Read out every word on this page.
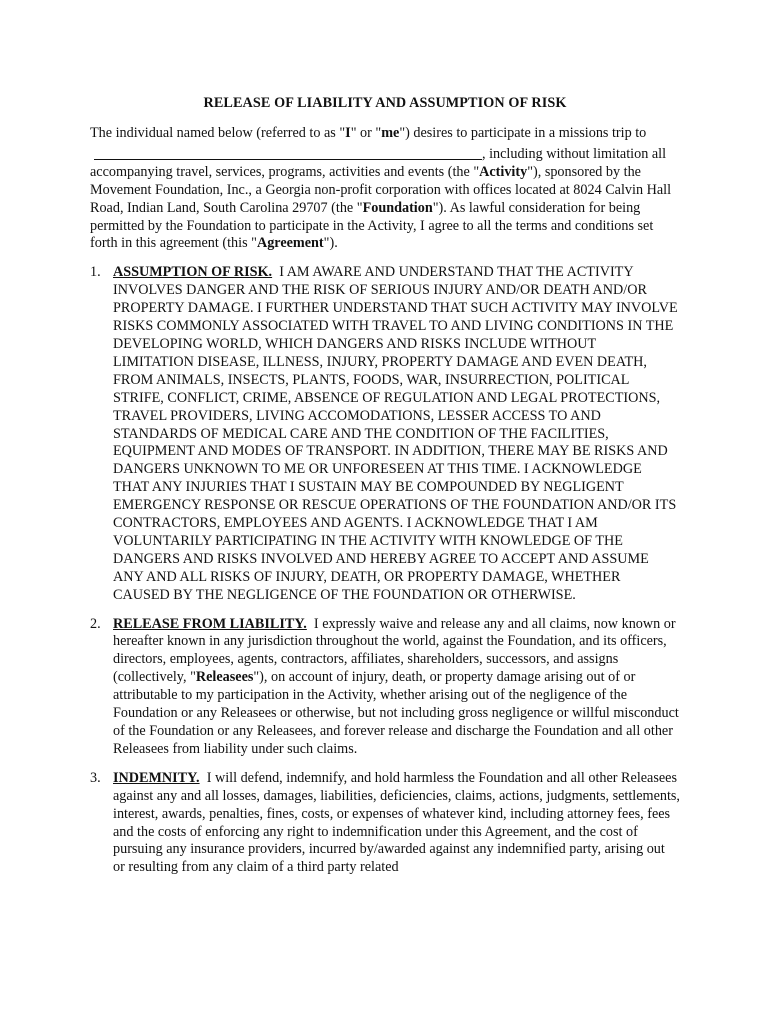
RELEASE OF LIABILITY AND ASSUMPTION OF RISK

The individual named below (referred to as "I" or "me") desires to participate in a missions trip to, including without limitation all accompanying travel, services, programs, activities and events (the "Activity"), sponsored by the Movement Foundation, Inc., a Georgia non-profit corporation with offices located at 8024 Calvin Hall Road, Indian Land, South Carolina 29707 (the "Foundation"). As lawful consideration for being permitted by the Foundation to participate in the Activity, I agree to all the terms and conditions set forth in this agreement (this "Agreement").

1. ASSUMPTION OF RISK. I AM AWARE AND UNDERSTAND THAT THE ACTIVITY INVOLVES DANGER AND THE RISK OF SERIOUS INJURY AND/OR DEATH AND/OR PROPERTY DAMAGE. I FURTHER UNDERSTAND THAT SUCH ACTIVITY MAY INVOLVE RISKS COMMONLY ASSOCIATED WITH TRAVEL TO AND LIVING CONDITIONS IN THE DEVELOPING WORLD, WHICH DANGERS AND RISKS INCLUDE WITHOUT LIMITATION DISEASE, ILLNESS, INJURY, PROPERTY DAMAGE AND EVEN DEATH, FROM ANIMALS, INSECTS, PLANTS, FOODS, WAR, INSURRECTION, POLITICAL STRIFE, CONFLICT, CRIME, ABSENCE OF REGULATION AND LEGAL PROTECTIONS, TRAVEL PROVIDERS, LIVING ACCOMODATIONS, LESSER ACCESS TO AND STANDARDS OF MEDICAL CARE AND THE CONDITION OF THE FACILITIES, EQUIPMENT AND MODES OF TRANSPORT. IN ADDITION, THERE MAY BE RISKS AND DANGERS UNKNOWN TO ME OR UNFORESEEN AT THIS TIME. I ACKNOWLEDGE THAT ANY INJURIES THAT I SUSTAIN MAY BE COMPOUNDED BY NEGLIGENT EMERGENCY RESPONSE OR RESCUE OPERATIONS OF THE FOUNDATION AND/OR ITS CONTRACTORS, EMPLOYEES AND AGENTS. I ACKNOWLEDGE THAT I AM VOLUNTARILY PARTICIPATING IN THE ACTIVITY WITH KNOWLEDGE OF THE DANGERS AND RISKS INVOLVED AND HEREBY AGREE TO ACCEPT AND ASSUME ANY AND ALL RISKS OF INJURY, DEATH, OR PROPERTY DAMAGE, WHETHER CAUSED BY THE NEGLIGENCE OF THE FOUNDATION OR OTHERWISE.
2. RELEASE FROM LIABILITY. I expressly waive and release any and all claims, now known or hereafter known in any jurisdiction throughout the world, against the Foundation, and its officers, directors, employees, agents, contractors, affiliates, shareholders, successors, and assigns (collectively, "Releasees"), on account of injury, death, or property damage arising out of or attributable to my participation in the Activity, whether arising out of the negligence of the Foundation or any Releasees or otherwise, but not including gross negligence or willful misconduct of the Foundation or any Releasees, and forever release and discharge the Foundation and all other Releasees from liability under such claims.
3. INDEMNITY. I will defend, indemnify, and hold harmless the Foundation and all other Releasees against any and all losses, damages, liabilities, deficiencies, claims, actions, judgments, settlements, interest, awards, penalties, fines, costs, or expenses of whatever kind, including attorney fees, fees and the costs of enforcing any right to indemnification under this Agreement, and the cost of pursuing any insurance providers, incurred by/awarded against any indemnified party, arising out or resulting from any claim of a third party related
